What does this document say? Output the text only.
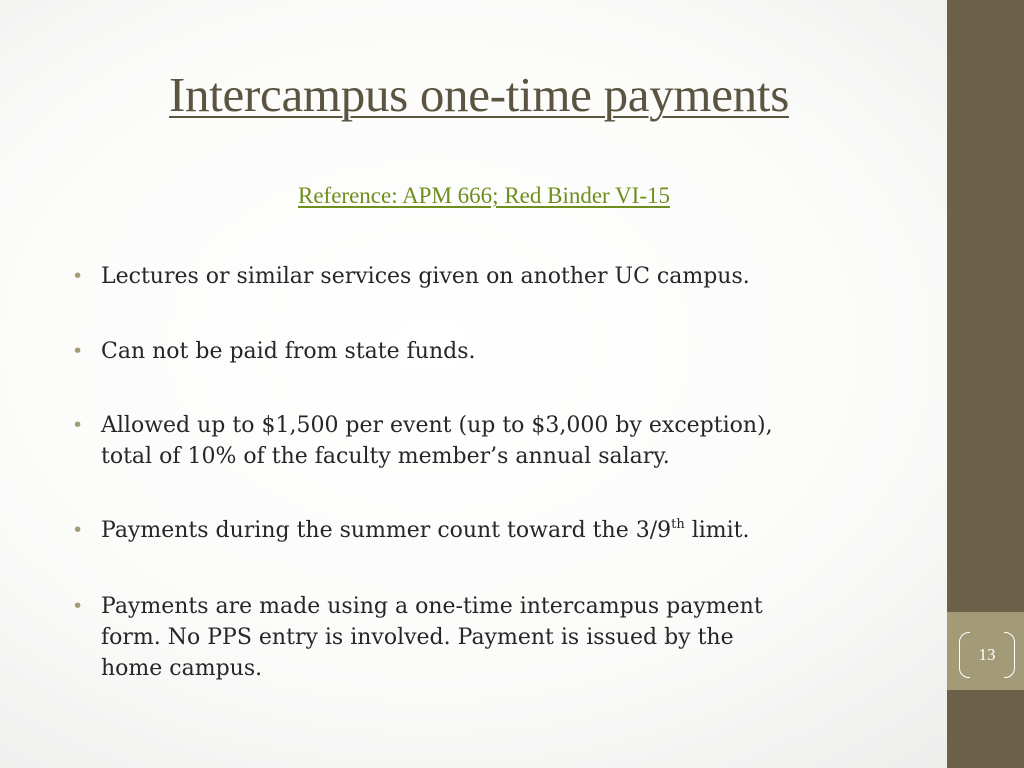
Intercampus one-time payments
Reference: APM 666; Red Binder VI-15
• Lectures or similar services given on another UC campus.
• Can not be paid from state funds.
• Allowed up to $1,500 per event (up to $3,000 by exception),
total of 10% of the faculty member’s annual salary.
• Payments during the summer count toward the 3/9th limit.
• Payments are made using a one-time intercampus payment
form. No PPS entry is involved. Payment is issued by the
home campus.
13
